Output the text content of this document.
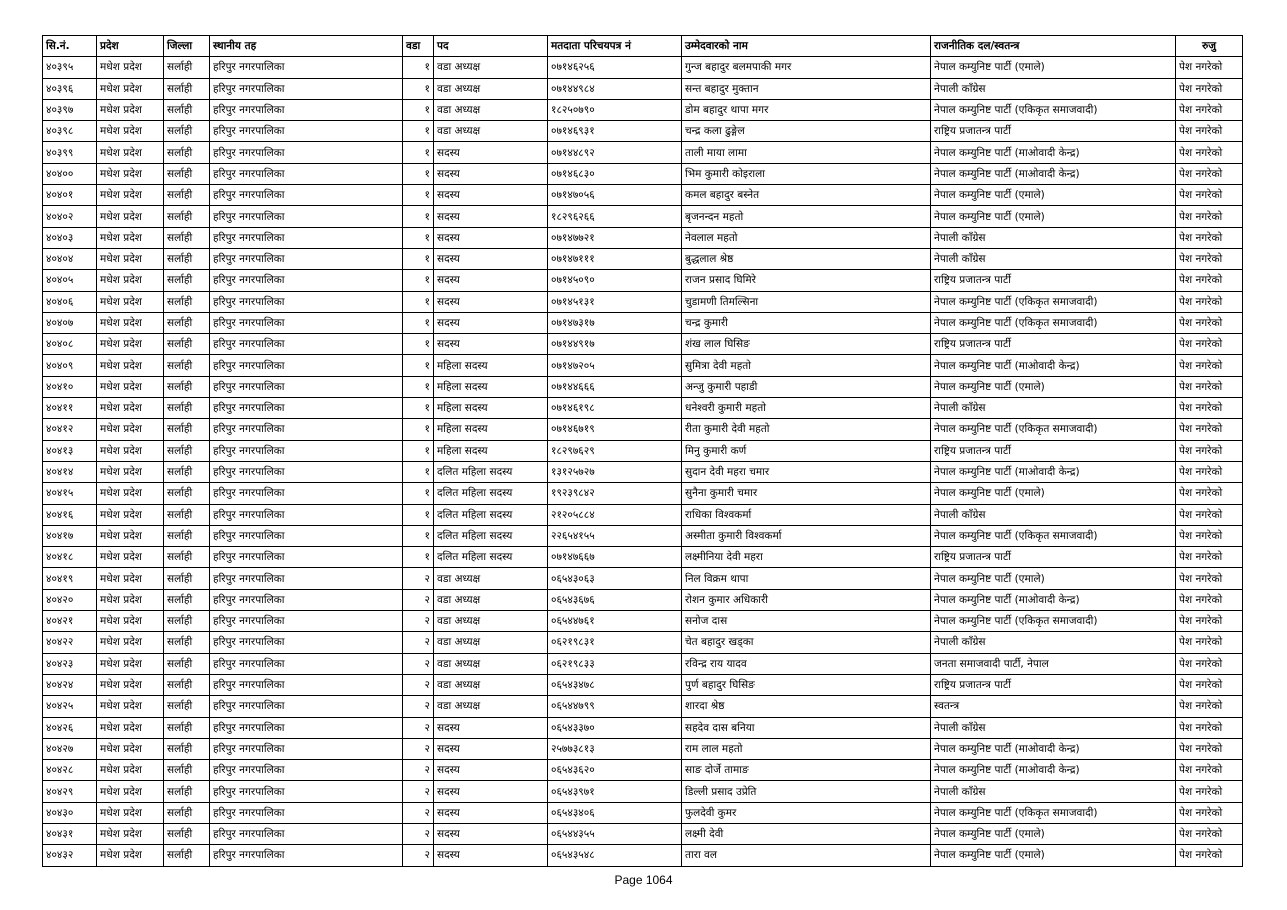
सि.नं.	प्रदेश	जिल्ला	स्थानीय तह	वडा	पद	मतदाता परिचयपत्र नं	उम्मेदवारको नाम	राजनीतिक दल/स्वतन्त्र	रुजु
४०३९५	मधेश प्रदेश	सर्लाही	हरिपुर नगरपालिका	१	वडा अध्यक्ष	०७१४६२५६	गुन्ज बहादुर बलमपाकी मगर	नेपाल कम्युनिष्ट पार्टी (एमाले)	पेश नगरेको
४०३९६	मधेश प्रदेश	सर्लाही	हरिपुर नगरपालिका	१	वडा अध्यक्ष	०७१४४९८४	सन्त बहादुर मुक्तान	नेपाली काँग्रेस	पेश नगरेको
४०३९७	मधेश प्रदेश	सर्लाही	हरिपुर नगरपालिका	१	वडा अध्यक्ष	१८२५०७९०	डोम बहादुर थापा मगर	नेपाल कम्युनिष्ट पार्टी (एकिकृत समाजवादी)	पेश नगरेको
४०३९८	मधेश प्रदेश	सर्लाही	हरिपुर नगरपालिका	१	वडा अध्यक्ष	०७१४६९३१	चन्द्र कला ढुङ्गेल	राष्ट्रिय प्रजातन्त्र पार्टी	पेश नगरेको
४०३९९	मधेश प्रदेश	सर्लाही	हरिपुर नगरपालिका	१	सदस्य	०७१४४८९२	ताली माया लामा	नेपाल कम्युनिष्ट पार्टी (माओवादी केन्द्र)	पेश नगरेको
४०४००	मधेश प्रदेश	सर्लाही	हरिपुर नगरपालिका	१	सदस्य	०७१४६८३०	भिम कुमारी कोइराला	नेपाल कम्युनिष्ट पार्टी (माओवादी केन्द्र)	पेश नगरेको
४०४०१	मधेश प्रदेश	सर्लाही	हरिपुर नगरपालिका	१	सदस्य	०७१४७०५६	कमल बहादुर बस्नेत	नेपाल कम्युनिष्ट पार्टी (एमाले)	पेश नगरेको
४०४०२	मधेश प्रदेश	सर्लाही	हरिपुर नगरपालिका	१	सदस्य	१८२९६२६६	बृजनन्दन महतो	नेपाल कम्युनिष्ट पार्टी (एमाले)	पेश नगरेको
४०४०३	मधेश प्रदेश	सर्लाही	हरिपुर नगरपालिका	१	सदस्य	०७१४७७२१	नेवलाल महतो	नेपाली काँग्रेस	पेश नगरेको
४०४०४	मधेश प्रदेश	सर्लाही	हरिपुर नगरपालिका	१	सदस्य	०७१४७१११	बुद्धलाल श्रेष्ठ	नेपाली काँग्रेस	पेश नगरेको
४०४०५	मधेश प्रदेश	सर्लाही	हरिपुर नगरपालिका	१	सदस्य	०७१४५०९०	राजन प्रसाद घिमिरे	राष्ट्रिय प्रजातन्त्र पार्टी	पेश नगरेको
४०४०६	मधेश प्रदेश	सर्लाही	हरिपुर नगरपालिका	१	सदस्य	०७१४५१३१	चुडामणी तिमल्सिना	नेपाल कम्युनिष्ट पार्टी (एकिकृत समाजवादी)	पेश नगरेको
४०४०७	मधेश प्रदेश	सर्लाही	हरिपुर नगरपालिका	१	सदस्य	०७१४७३१७	चन्द्र कुमारी	नेपाल कम्युनिष्ट पार्टी (एकिकृत समाजवादी)	पेश नगरेको
४०४०८	मधेश प्रदेश	सर्लाही	हरिपुर नगरपालिका	१	सदस्य	०७१४४९१७	शंख लाल घिसिङ	राष्ट्रिय प्रजातन्त्र पार्टी	पेश नगरेको
४०४०९	मधेश प्रदेश	सर्लाही	हरिपुर नगरपालिका	१	महिला सदस्य	०७१४७२०५	सुमित्रा देवी महतो	नेपाल कम्युनिष्ट पार्टी (माओवादी केन्द्र)	पेश नगरेको
४०४१०	मधेश प्रदेश	सर्लाही	हरिपुर नगरपालिका	१	महिला सदस्य	०७१४४६६६	अन्जु कुमारी पहाडी	नेपाल कम्युनिष्ट पार्टी (एमाले)	पेश नगरेको
४०४११	मधेश प्रदेश	सर्लाही	हरिपुर नगरपालिका	१	महिला सदस्य	०७१४६१९८	धनेश्वरी कुमारी महतो	नेपाली काँग्रेस	पेश नगरेको
४०४१२	मधेश प्रदेश	सर्लाही	हरिपुर नगरपालिका	१	महिला सदस्य	०७१४६७१९	रीता कुमारी देवी महतो	नेपाल कम्युनिष्ट पार्टी (एकिकृत समाजवादी)	पेश नगरेको
४०४१३	मधेश प्रदेश	सर्लाही	हरिपुर नगरपालिका	१	महिला सदस्य	१८२९७६२९	मिनु कुमारी कर्ण	राष्ट्रिय प्रजातन्त्र पार्टी	पेश नगरेको
४०४१४	मधेश प्रदेश	सर्लाही	हरिपुर नगरपालिका	१	दलित महिला सदस्य	१३१२५७२७	सुदान देवी महरा चमार	नेपाल कम्युनिष्ट पार्टी (माओवादी केन्द्र)	पेश नगरेको
४०४१५	मधेश प्रदेश	सर्लाही	हरिपुर नगरपालिका	१	दलित महिला सदस्य	१९२३९८४२	सुनैना कुमारी चमार	नेपाल कम्युनिष्ट पार्टी (एमाले)	पेश नगरेको
४०४१६	मधेश प्रदेश	सर्लाही	हरिपुर नगरपालिका	१	दलित महिला सदस्य	२१२०५८८४	राधिका विश्वकर्मा	नेपाली काँग्रेस	पेश नगरेको
४०४१७	मधेश प्रदेश	सर्लाही	हरिपुर नगरपालिका	१	दलित महिला सदस्य	२२६५४१५५	अस्मीता कुमारी विश्वकर्मा	नेपाल कम्युनिष्ट पार्टी (एकिकृत समाजवादी)	पेश नगरेको
४०४१८	मधेश प्रदेश	सर्लाही	हरिपुर नगरपालिका	१	दलित महिला सदस्य	०७१४७६६७	लक्ष्मीनिया देवी महरा	राष्ट्रिय प्रजातन्त्र पार्टी	पेश नगरेको
४०४१९	मधेश प्रदेश	सर्लाही	हरिपुर नगरपालिका	२	वडा अध्यक्ष	०६५४३०६३	निल विक्रम थापा	नेपाल कम्युनिष्ट पार्टी (एमाले)	पेश नगरेको
४०४२०	मधेश प्रदेश	सर्लाही	हरिपुर नगरपालिका	२	वडा अध्यक्ष	०६५४३६७६	रोशन कुमार अधिकारी	नेपाल कम्युनिष्ट पार्टी (माओवादी केन्द्र)	पेश नगरेको
४०४२१	मधेश प्रदेश	सर्लाही	हरिपुर नगरपालिका	२	वडा अध्यक्ष	०६५४४७६१	सनोज दास	नेपाल कम्युनिष्ट पार्टी (एकिकृत समाजवादी)	पेश नगरेको
४०४२२	मधेश प्रदेश	सर्लाही	हरिपुर नगरपालिका	२	वडा अध्यक्ष	०६२१९८३१	चेत बहादुर खड्का	नेपाली काँग्रेस	पेश नगरेको
४०४२३	मधेश प्रदेश	सर्लाही	हरिपुर नगरपालिका	२	वडा अध्यक्ष	०६२१९८३३	रविन्द्र राय यादव	जनता समाजवादी पार्टी, नेपाल	पेश नगरेको
४०४२४	मधेश प्रदेश	सर्लाही	हरिपुर नगरपालिका	२	वडा अध्यक्ष	०६५४३४७८	पुर्ण बहादुर घिसिङ	राष्ट्रिय प्रजातन्त्र पार्टी	पेश नगरेको
४०४२५	मधेश प्रदेश	सर्लाही	हरिपुर नगरपालिका	२	वडा अध्यक्ष	०६५४४७९९	शारदा श्रेष्ठ	स्वतन्त्र	पेश नगरेको
४०४२६	मधेश प्रदेश	सर्लाही	हरिपुर नगरपालिका	२	सदस्य	०६५४३३७०	सहदेव दास बनिया	नेपाली काँग्रेस	पेश नगरेको
४०४२७	मधेश प्रदेश	सर्लाही	हरिपुर नगरपालिका	२	सदस्य	२५७७३८१३	राम लाल महतो	नेपाल कम्युनिष्ट पार्टी (माओवादी केन्द्र)	पेश नगरेको
४०४२८	मधेश प्रदेश	सर्लाही	हरिपुर नगरपालिका	२	सदस्य	०६५४३६२०	साङ दोर्जे तामाङ	नेपाल कम्युनिष्ट पार्टी (माओवादी केन्द्र)	पेश नगरेको
४०४२९	मधेश प्रदेश	सर्लाही	हरिपुर नगरपालिका	२	सदस्य	०६५४३९७१	डिल्ली प्रसाद उप्रेति	नेपाली काँग्रेस	पेश नगरेको
४०४३०	मधेश प्रदेश	सर्लाही	हरिपुर नगरपालिका	२	सदस्य	०६५४३४०६	फुलदेवी कुमर	नेपाल कम्युनिष्ट पार्टी (एकिकृत समाजवादी)	पेश नगरेको
४०४३१	मधेश प्रदेश	सर्लाही	हरिपुर नगरपालिका	२	सदस्य	०६५४४३५५	लक्ष्मी देवी	नेपाल कम्युनिष्ट पार्टी (एमाले)	पेश नगरेको
४०४३२	मधेश प्रदेश	सर्लाही	हरिपुर नगरपालिका	२	सदस्य	०६५४३५४८	तारा वल	नेपाल कम्युनिष्ट पार्टी (एमाले)	पेश नगरेको
Page 1064
